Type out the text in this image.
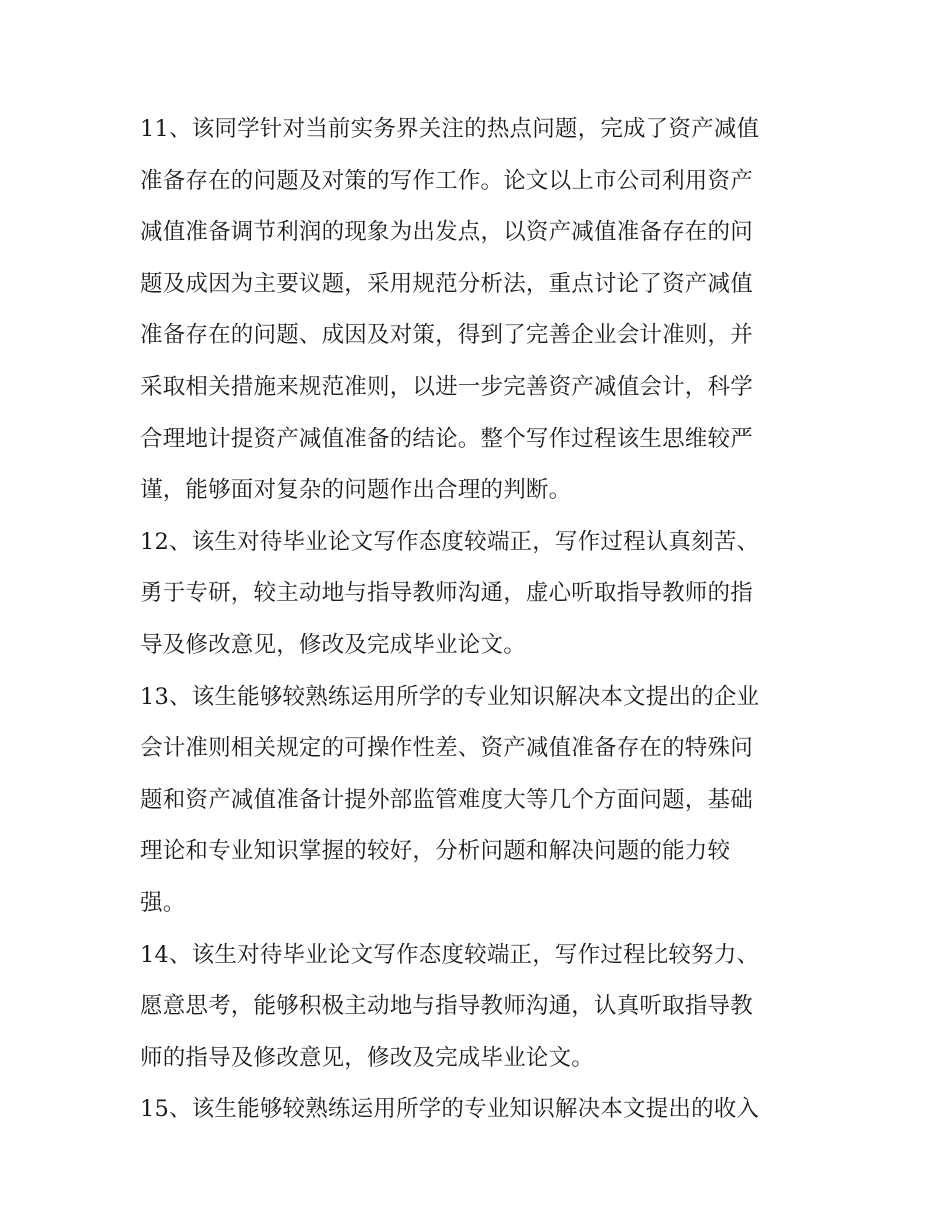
11、该同学针对当前实务界关注的热点问题，完成了资产减值
准备存在的问题及对策的写作工作。论文以上市公司利用资产
减值准备调节利润的现象为出发点，以资产减值准备存在的问
题及成因为主要议题，采用规范分析法，重点讨论了资产减值
准备存在的问题、成因及对策，得到了完善企业会计准则，并
采取相关措施来规范准则，以进一步完善资产减值会计，科学
合理地计提资产减值准备的结论。整个写作过程该生思维较严
谨，能够面对复杂的问题作出合理的判断。
12、该生对待毕业论文写作态度较端正，写作过程认真刻苦、
勇于专研，较主动地与指导教师沟通，虚心听取指导教师的指
导及修改意见，修改及完成毕业论文。
13、该生能够较熟练运用所学的专业知识解决本文提出的企业
会计准则相关规定的可操作性差、资产减值准备存在的特殊问
题和资产减值准备计提外部监管难度大等几个方面问题，基础
理论和专业知识掌握的较好，分析问题和解决问题的能力较
强。
14、该生对待毕业论文写作态度较端正，写作过程比较努力、
愿意思考，能够积极主动地与指导教师沟通，认真听取指导教
师的指导及修改意见，修改及完成毕业论文。
15、该生能够较熟练运用所学的专业知识解决本文提出的收入
